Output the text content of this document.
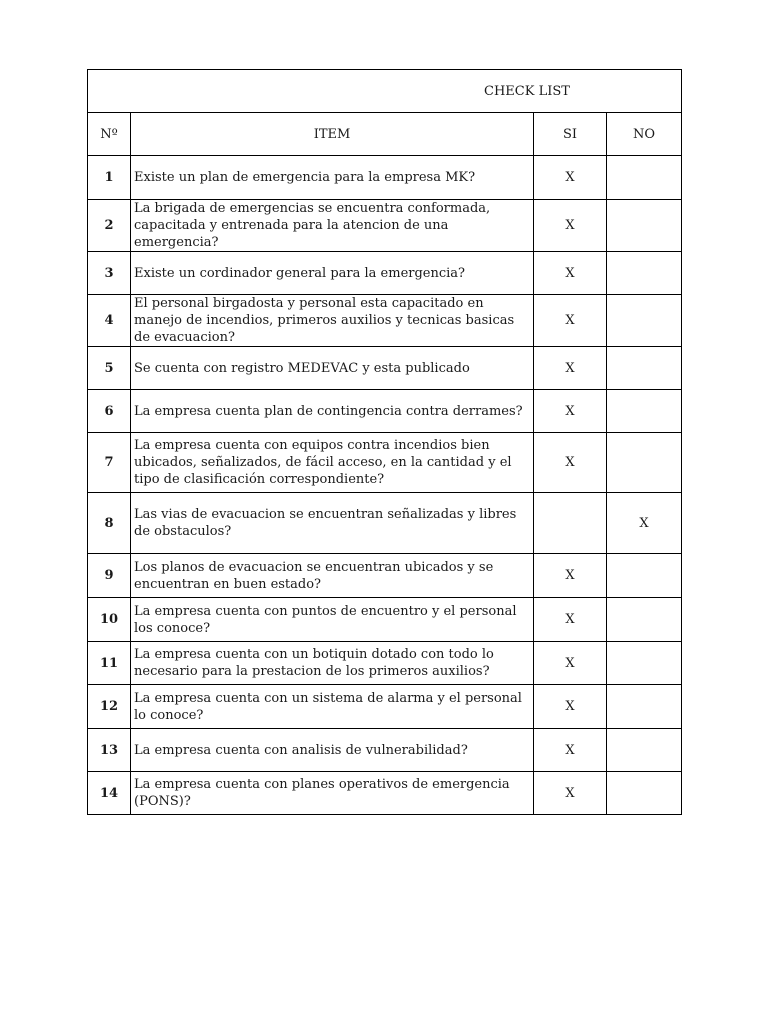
CHECK LIST			

Nº	ITEM	SI	NO
1	Existe un plan de emergencia para la empresa MK?	X	
2	La brigada de emergencias se encuentra conformada, capacitada y entrenada para la atencion de una emergencia?	X	
3	Existe un cordinador general para la emergencia?	X	
4	El personal birgadosta y personal esta capacitado en manejo de incendios, primeros auxilios y tecnicas basicas de evacuacion?	X	
5	Se cuenta con registro MEDEVAC y esta publicado	X	
6	La empresa cuenta plan de contingencia contra derrames?	X	
7	La empresa cuenta con equipos contra incendios bien ubicados, señalizados, de fácil acceso, en la cantidad y el tipo de clasificación correspondiente?	X	
8	Las vias de evacuacion se encuentran señalizadas y libres de obstaculos?		X
9	Los planos de evacuacion se encuentran ubicados y se encuentran en buen estado?	X	
10	La empresa cuenta con puntos de encuentro y el personal los conoce?	X	
11	La empresa cuenta con un botiquin dotado con todo lo necesario para la prestacion de los primeros auxilios?	X	
12	La empresa cuenta con un sistema de alarma y el personal lo conoce?	X	
13	La empresa cuenta con analisis de vulnerabilidad?	X	
14	La empresa cuenta con planes operativos de emergencia (PONS)?	X	
